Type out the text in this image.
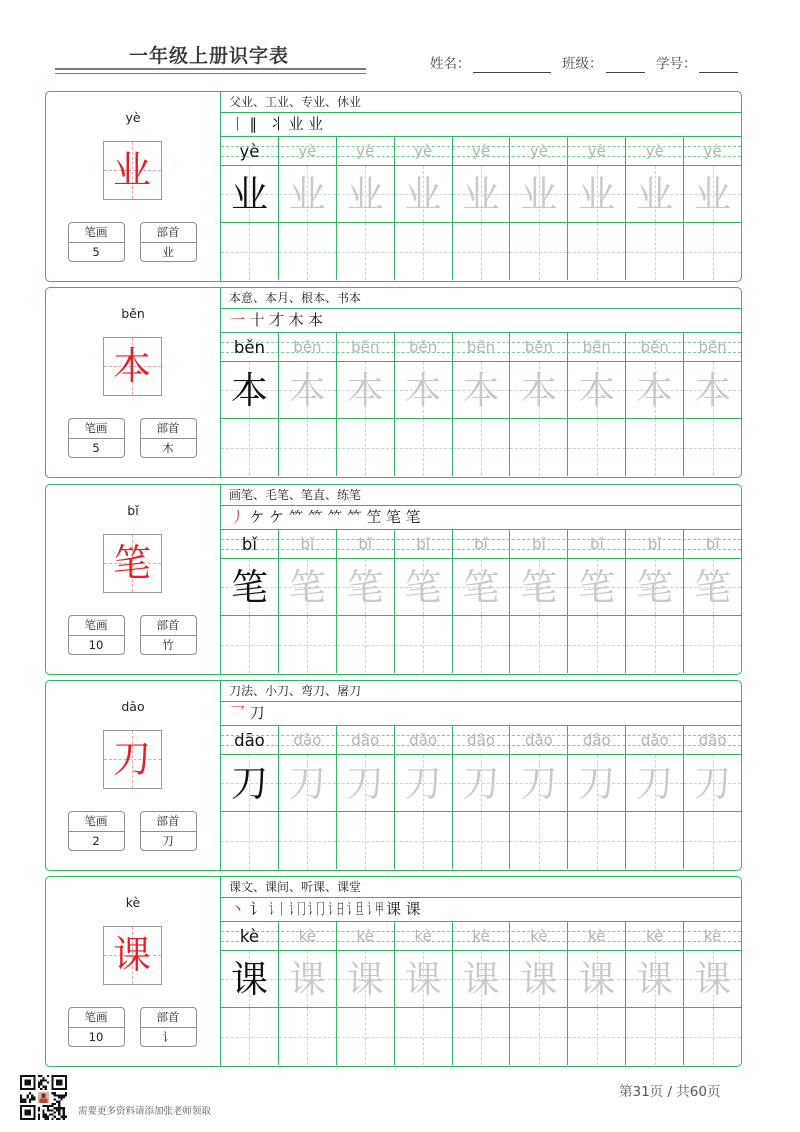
一年级上册识字表	姓名：	班级：	学号：
yè
业
笔画
5
部首
业
父业、工业、专业、休业
丨 ‖ 丬 业 业
yè	yè	yè	yè	yè	yè	yè	yè	yè
业 业 业 业 业 业 业 业 业
běn
本
笔画
5
部首
木
本意、本月、根本、书本
一 十 才 木 本
běn běn běn běn běn běn běn běn běn
本 本 本 本 本 本 本 本 本
bǐ
笔
笔画
10
部首
竹
画笔、毛笔、笔直、练笔
丿 ケ ケ ⺮ ⺮ ⺮ ⺮ 笁 笔 笔
bǐ	bǐ	bǐ	bǐ	bǐ	bǐ	bǐ	bǐ	bǐ
笔 笔 笔 笔 笔 笔 笔 笔 笔
dāo
刀
笔画
2
部首
刀
刀法、小刀、弯刀、屠刀
乛 刀
dāo dāo dāo dāo dāo dāo dāo dāo dāo
刀 刀 刀 刀 刀 刀 刀 刀 刀
kè
课
笔画
10
部首
讠
课文、课间、听课、课堂
丶 讠 讠丨 讠冂 讠冂 讠日 讠旦 讠甲 课 课
kè	kè	kè	kè	kè	kè	kè	kè	kè
课 课 课 课 课 课 课 课 课
需要更多资料请添加张老师领取
第31页 / 共60页
